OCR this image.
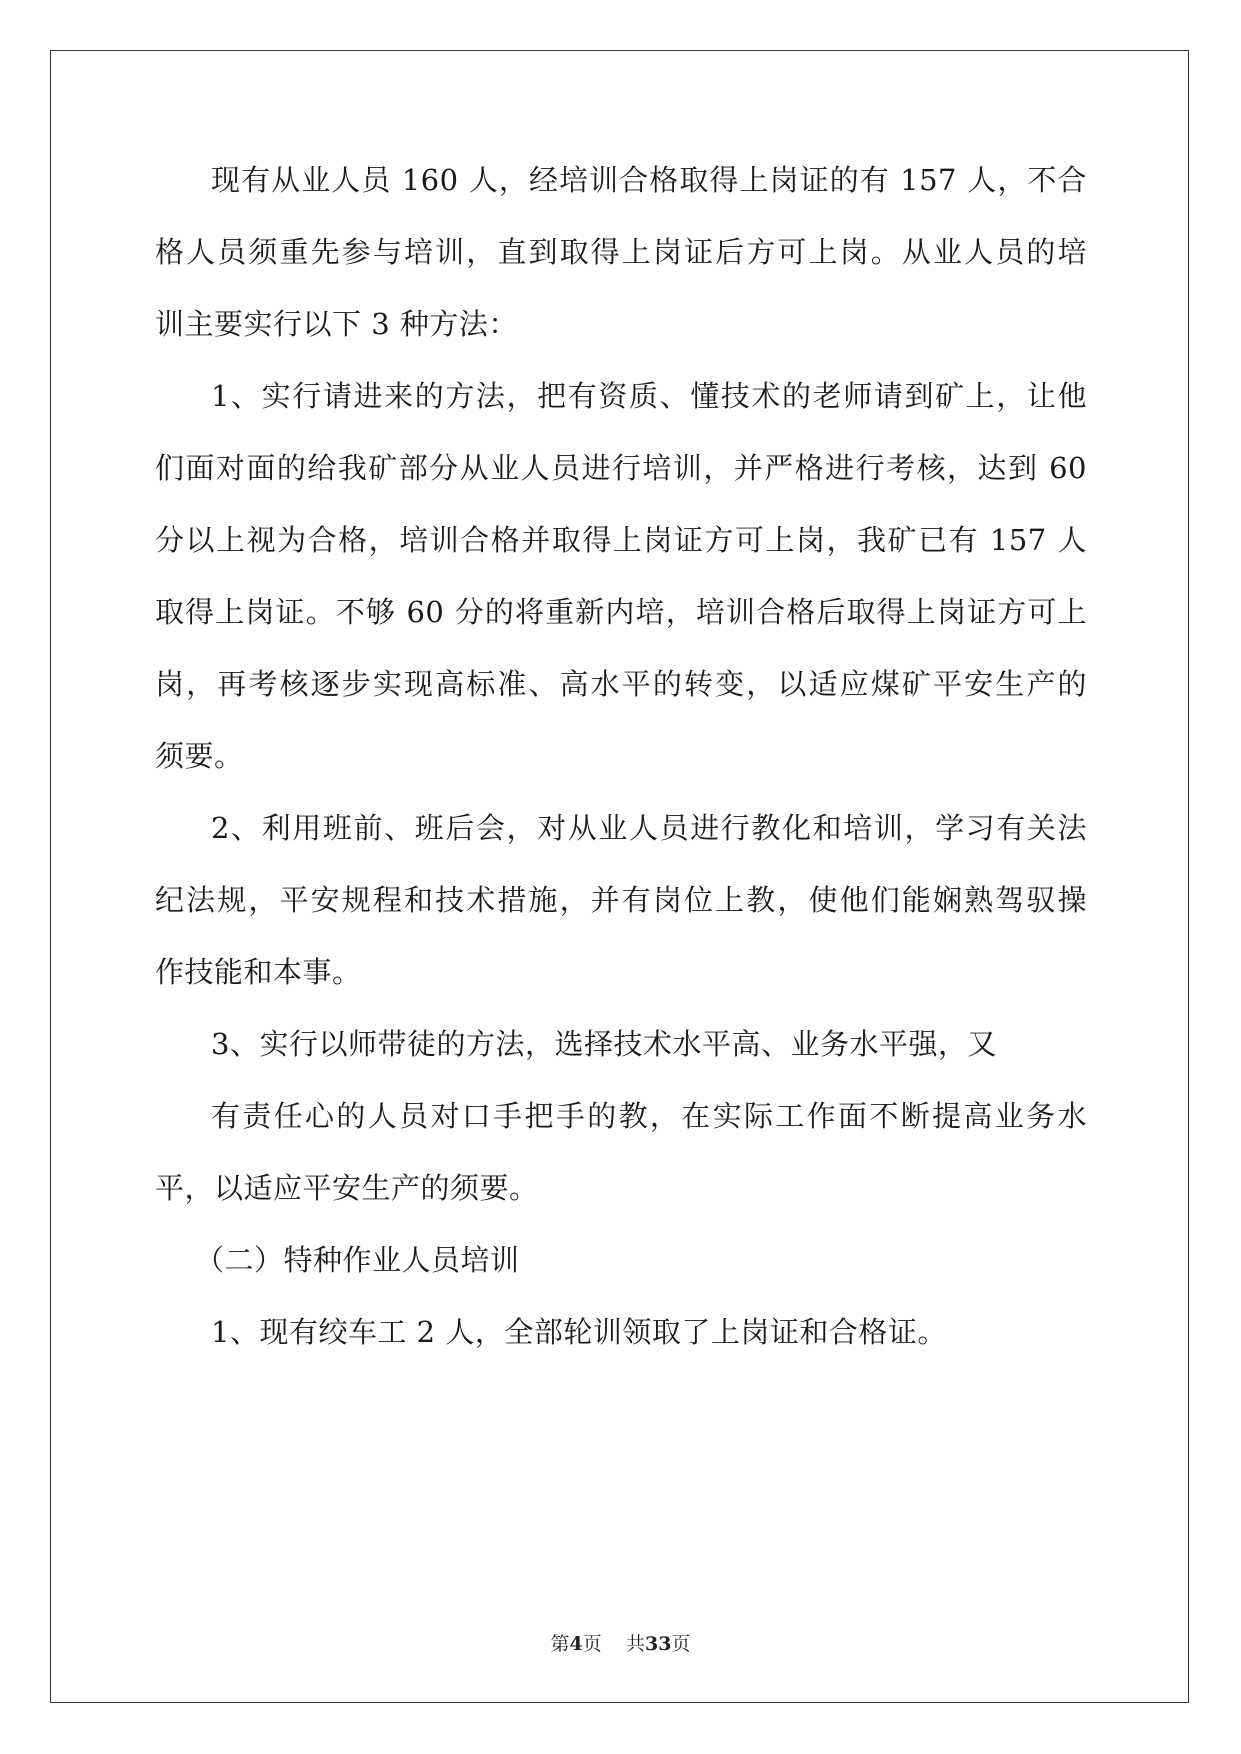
现有从业人员 160 人，经培训合格取得上岗证的有 157 人，不合
格人员须重先参与培训，直到取得上岗证后方可上岗。从业人员的培
训主要实行以下 3 种方法：
1、实行请进来的方法，把有资质、懂技术的老师请到矿上，让他
们面对面的给我矿部分从业人员进行培训，并严格进行考核，达到 60
分以上视为合格，培训合格并取得上岗证方可上岗，我矿已有 157 人
取得上岗证。不够 60 分的将重新内培，培训合格后取得上岗证方可上
岗，再考核逐步实现高标准、高水平的转变，以适应煤矿平安生产的
须要。
2、利用班前、班后会，对从业人员进行教化和培训，学习有关法
纪法规，平安规程和技术措施，并有岗位上教，使他们能娴熟驾驭操
作技能和本事。
3、实行以师带徒的方法，选择技术水平高、业务水平强，又
有责任心的人员对口手把手的教，在实际工作面不断提高业务水
平，以适应平安生产的须要。
（二）特种作业人员培训
1、现有绞车工 2 人，全部轮训领取了上岗证和合格证。
第4页 共33页
